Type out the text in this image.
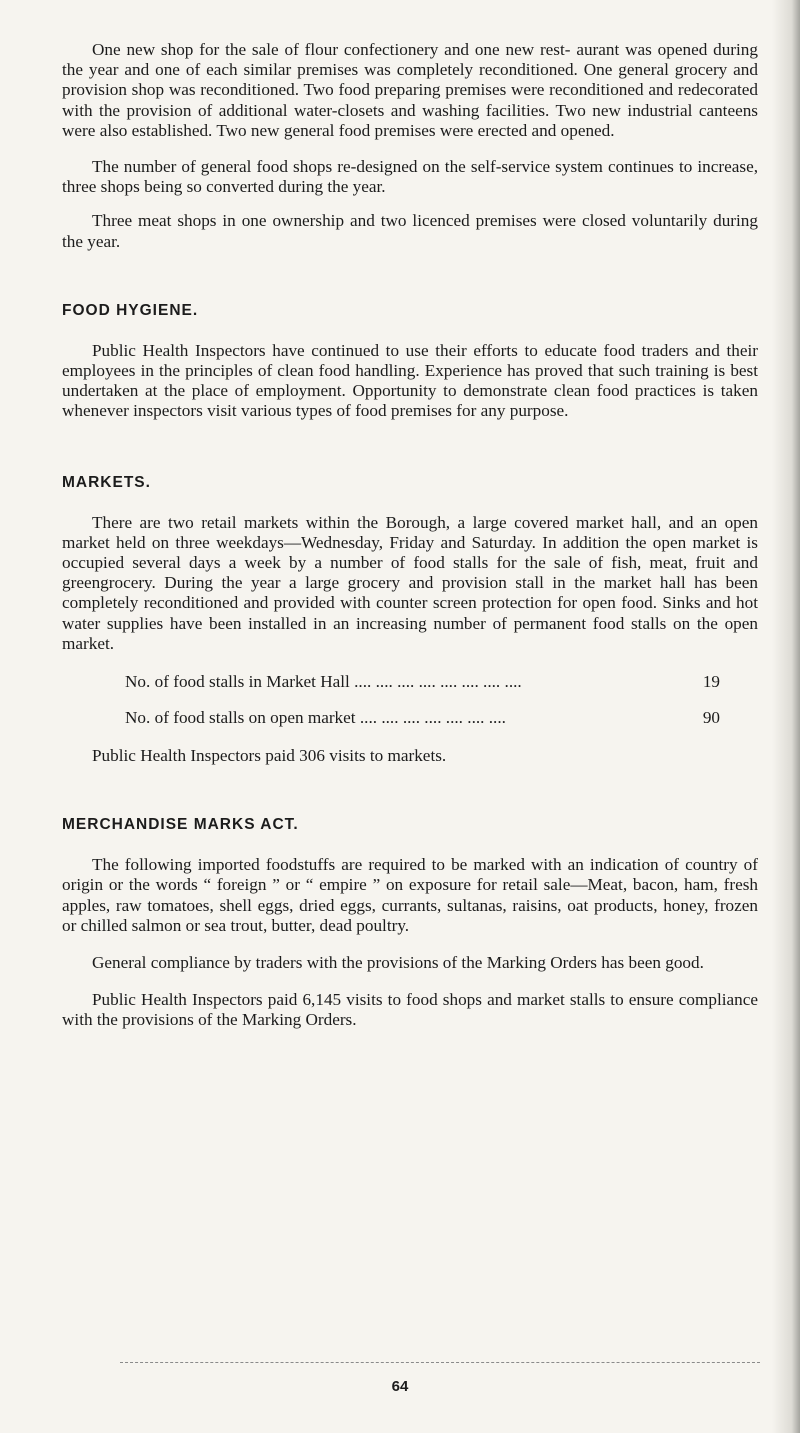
One new shop for the sale of flour confectionery and one new rest- aurant was opened during the year and one of each similar premises was completely reconditioned. One general grocery and provision shop was reconditioned. Two food preparing premises were reconditioned and redecorated with the provision of additional water-closets and washing facilities. Two new industrial canteens were also established. Two new general food premises were erected and opened.

The number of general food shops re-designed on the self-service system continues to increase, three shops being so converted during the year.

Three meat shops in one ownership and two licenced premises were closed voluntarily during the year.

FOOD HYGIENE.

Public Health Inspectors have continued to use their efforts to educate food traders and their employees in the principles of clean food handling. Experience has proved that such training is best undertaken at the place of employment. Opportunity to demonstrate clean food practices is taken whenever inspectors visit various types of food premises for any purpose.

MARKETS.

There are two retail markets within the Borough, a large covered market hall, and an open market held on three weekdays—Wednesday, Friday and Saturday. In addition the open market is occupied several days a week by a number of food stalls for the sale of fish, meat, fruit and greengrocery. During the year a large grocery and provision stall in the market hall has been completely reconditioned and provided with counter screen protection for open food. Sinks and hot water supplies have been installed in an increasing number of permanent food stalls on the open market.

No. of food stalls in Market Hall .... .... .... .... .... .... .... ....	19
No. of food stalls on open market .... .... .... .... .... .... ....	90

Public Health Inspectors paid 306 visits to markets.

MERCHANDISE MARKS ACT.

The following imported foodstuffs are required to be marked with an indication of country of origin or the words “ foreign ” or “ empire ” on exposure for retail sale—Meat, bacon, ham, fresh apples, raw tomatoes, shell eggs, dried eggs, currants, sultanas, raisins, oat products, honey, frozen or chilled salmon or sea trout, butter, dead poultry.

General compliance by traders with the provisions of the Marking Orders has been good.

Public Health Inspectors paid 6,145 visits to food shops and market stalls to ensure compliance with the provisions of the Marking Orders.

64
